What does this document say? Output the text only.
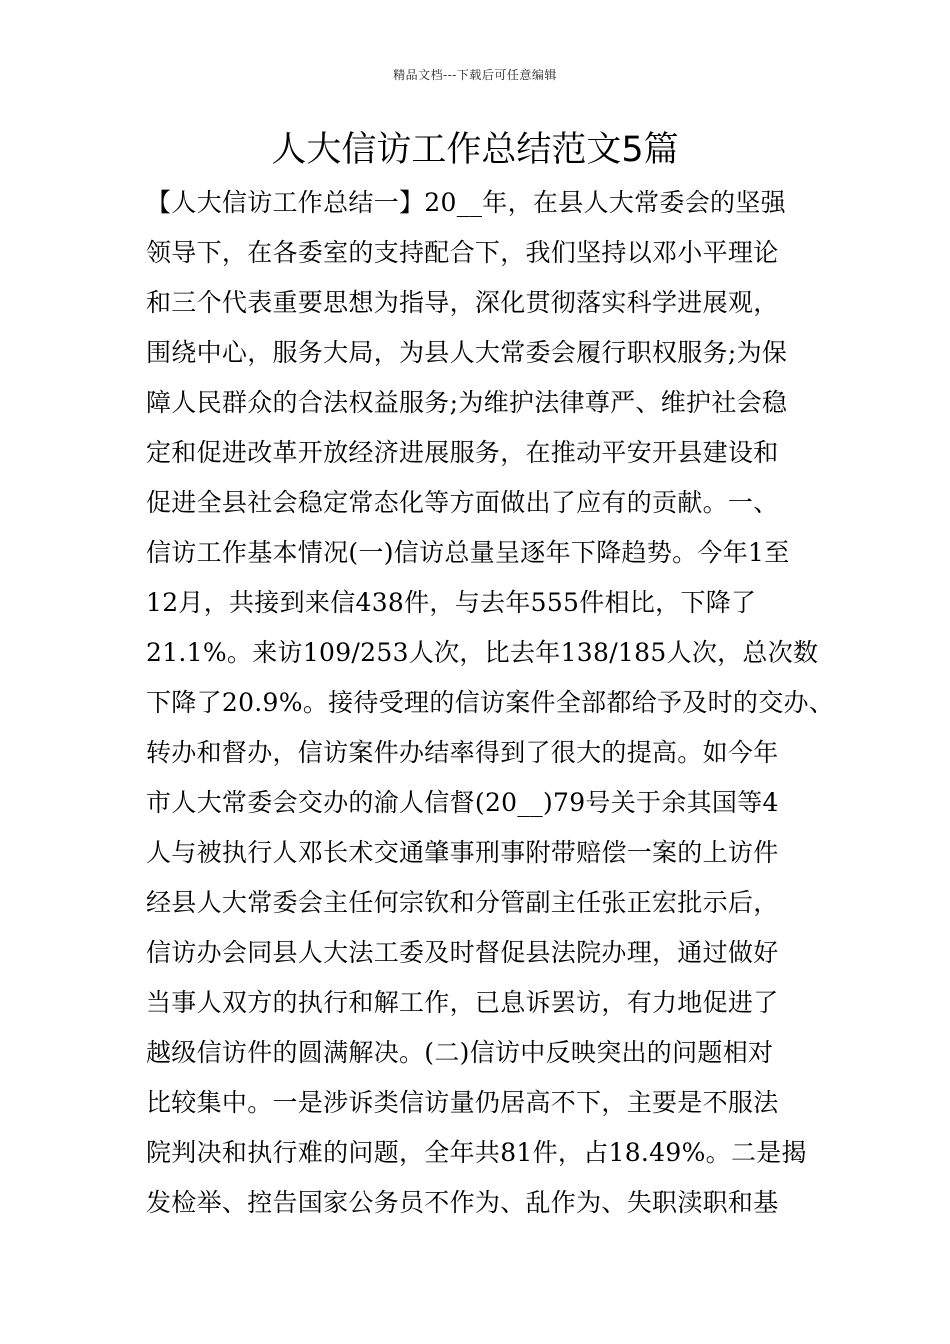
精品文档---下载后可任意编辑
人大信访工作总结范文5篇
【人大信访工作总结一】20__年，在县人大常委会的坚强
领导下，在各委室的支持配合下，我们坚持以邓小平理论
和三个代表重要思想为指导，深化贯彻落实科学进展观，
围绕中心，服务大局，为县人大常委会履行职权服务;为保
障人民群众的合法权益服务;为维护法律尊严、维护社会稳
定和促进改革开放经济进展服务，在推动平安开县建设和
促进全县社会稳定常态化等方面做出了应有的贡献。一、
信访工作基本情况(一)信访总量呈逐年下降趋势。今年1至
12月，共接到来信438件，与去年555件相比，下降了
21.1%。来访109/253人次，比去年138/185人次，总次数
下降了20.9%。接待受理的信访案件全部都给予及时的交办、
转办和督办，信访案件办结率得到了很大的提高。如今年
市人大常委会交办的渝人信督(20__)79号关于余其国等4
人与被执行人邓长术交通肇事刑事附带赔偿一案的上访件
经县人大常委会主任何宗钦和分管副主任张正宏批示后，
信访办会同县人大法工委及时督促县法院办理，通过做好
当事人双方的执行和解工作，已息诉罢访，有力地促进了
越级信访件的圆满解决。(二)信访中反映突出的问题相对
比较集中。一是涉诉类信访量仍居高不下，主要是不服法
院判决和执行难的问题，全年共81件，占18.49%。二是揭
发检举、控告国家公务员不作为、乱作为、失职渎职和基
